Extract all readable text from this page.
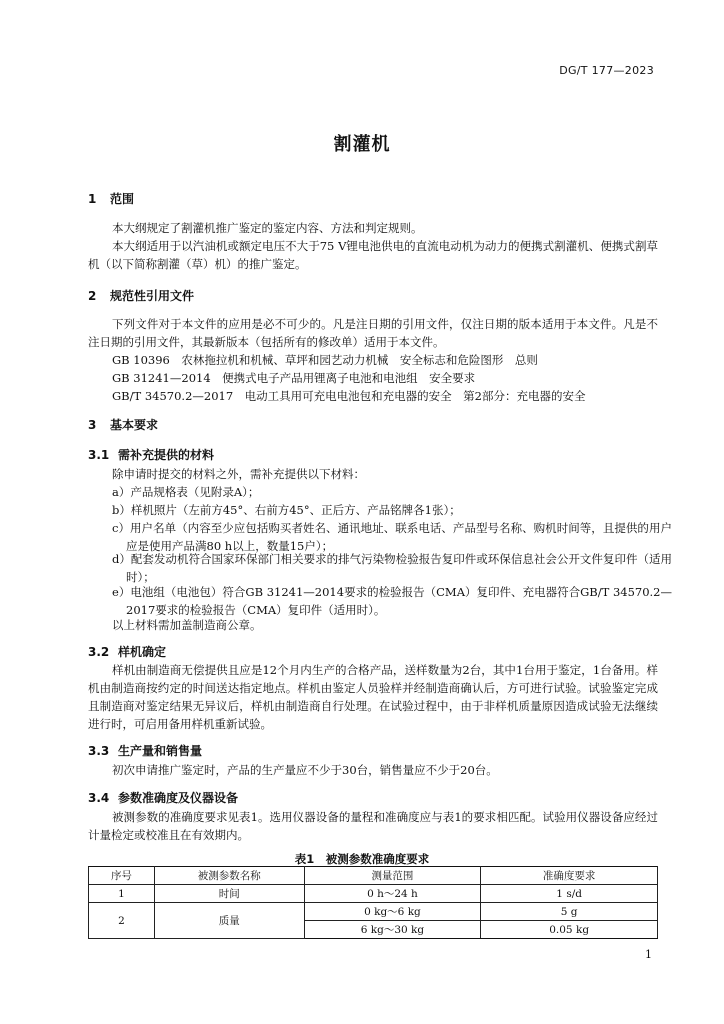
DG/T 177—2023
割灌机
1 范围
本大纲规定了割灌机推广鉴定的鉴定内容、方法和判定规则。
本大纲适用于以汽油机或额定电压不大于75 V锂电池供电的直流电动机为动力的便携式割灌机、便携式割草机（以下简称割灌（草）机）的推广鉴定。
2 规范性引用文件
下列文件对于本文件的应用是必不可少的。凡是注日期的引用文件，仅注日期的版本适用于本文件。凡是不注日期的引用文件，其最新版本（包括所有的修改单）适用于本文件。
GB 10396　农林拖拉机和机械、草坪和园艺动力机械　安全标志和危险图形　总则
GB 31241—2014　便携式电子产品用锂离子电池和电池组　安全要求
GB/T 34570.2—2017　电动工具用可充电电池包和充电器的安全　第2部分：充电器的安全
3 基本要求
3.1 需补充提供的材料
除申请时提交的材料之外，需补充提供以下材料：
a）产品规格表（见附录A）；
b）样机照片（左前方45°、右前方45°、正后方、产品铭牌各1张）；
c）用户名单（内容至少应包括购买者姓名、通讯地址、联系电话、产品型号名称、购机时间等，且提供的用户应是使用产品满80 h以上，数量15户）；
d）配套发动机符合国家环保部门相关要求的排气污染物检验报告复印件或环保信息社会公开文件复印件（适用时）；
e）电池组（电池包）符合GB 31241—2014要求的检验报告（CMA）复印件、充电器符合GB/T 34570.2—2017要求的检验报告（CMA）复印件（适用时）。
以上材料需加盖制造商公章。
3.2 样机确定
样机由制造商无偿提供且应是12个月内生产的合格产品，送样数量为2台，其中1台用于鉴定，1台备用。样机由制造商按约定的时间送达指定地点。样机由鉴定人员验样并经制造商确认后，方可进行试验。试验鉴定完成且制造商对鉴定结果无异议后，样机由制造商自行处理。在试验过程中，由于非样机质量原因造成试验无法继续进行时，可启用备用样机重新试验。
3.3 生产量和销售量
初次申请推广鉴定时，产品的生产量应不少于30台，销售量应不少于20台。
3.4 参数准确度及仪器设备
被测参数的准确度要求见表1。选用仪器设备的量程和准确度应与表1的要求相匹配。试验用仪器设备应经过计量检定或校准且在有效期内。
表1　被测参数准确度要求
序号	被测参数名称	测量范围	准确度要求
1	时间	0 h～24 h	1 s/d
2	质量	0 kg～6 kg	5 g
		6 kg～30 kg	0.05 kg
1
